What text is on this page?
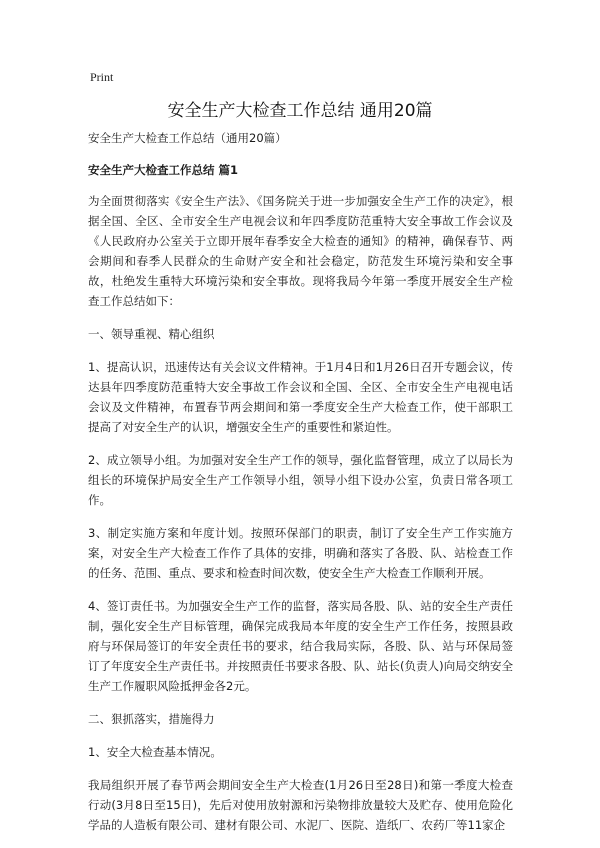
Print
安全生产大检查工作总结 通用20篇

安全生产大检查工作总结（通用20篇）

安全生产大检查工作总结 篇1

为全面贯彻落实《安全生产法》、《国务院关于进一步加强安全生产工作的决定》，根据全国、全区、全市安全生产电视会议和年四季度防范重特大安全事故工作会议及《人民政府办公室关于立即开展年春季安全大检查的通知》的精神，确保春节、两会期间和春季人民群众的生命财产安全和社会稳定，防范发生环境污染和安全事故，杜绝发生重特大环境污染和安全事故。现将我局今年第一季度开展安全生产检查工作总结如下：

一、领导重视、精心组织

1、提高认识，迅速传达有关会议文件精神。于1月4日和1月26日召开专题会议，传达县年四季度防范重特大安全事故工作会议和全国、全区、全市安全生产电视电话会议及文件精神，布置春节两会期间和第一季度安全生产大检查工作，使干部职工提高了对安全生产的认识，增强安全生产的重要性和紧迫性。

2、成立领导小组。为加强对安全生产工作的领导，强化监督管理，成立了以局长为组长的环境保护局安全生产工作领导小组，领导小组下设办公室，负责日常各项工作。

3、制定实施方案和年度计划。按照环保部门的职责，制订了安全生产工作实施方案，对安全生产大检查工作作了具体的安排，明确和落实了各股、队、站检查工作的任务、范围、重点、要求和检查时间次数，使安全生产大检查工作顺利开展。

4、签订责任书。为加强安全生产工作的监督，落实局各股、队、站的安全生产责任制，强化安全生产目标管理，确保完成我局本年度的安全生产工作任务，按照县政府与环保局签订的年安全责任书的要求，结合我局实际，各股、队、站与环保局签订了年度安全生产责任书。并按照责任书要求各股、队、站长(负责人)向局交纳安全生产工作履职风险抵押金各2元。

二、狠抓落实，措施得力

1、安全大检查基本情况。

我局组织开展了春节两会期间安全生产大检查(1月26日至28日)和第一季度大检查行动(3月8日至15日)，先后对使用放射源和污染物排放量较大及贮存、使用危险化学品的人造板有限公司、建材有限公司、水泥厂、医院、造纸厂、农药厂等11家企
